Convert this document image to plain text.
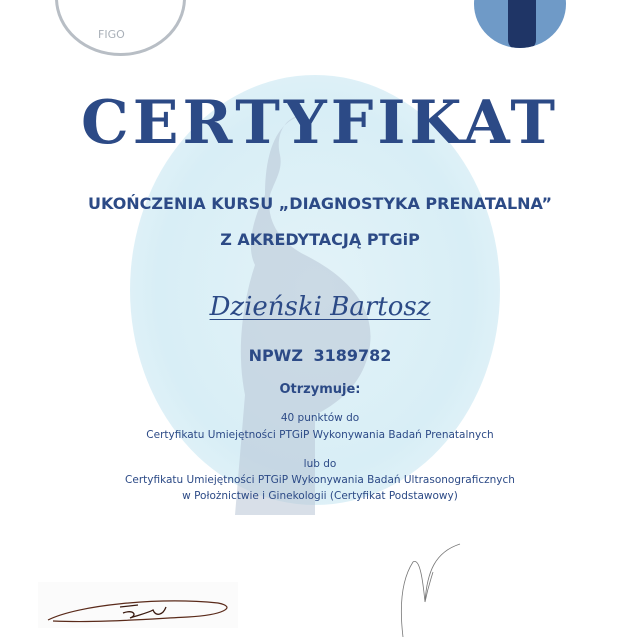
FIGO
CERTYFIKAT
UKOŃCZENIA KURSU „DIAGNOSTYKA PRENATALNA”
Z AKREDYTACJĄ PTGiP
Dzieński Bartosz
NPWZ 3189782
Otrzymuje:
40 punktów do
Certyfikatu Umiejętności PTGiP Wykonywania Badań Prenatalnych
lub do
Certyfikatu Umiejętności PTGiP Wykonywania Badań Ultrasonograficznych
w Położnictwie i Ginekologii (Certyfikat Podstawowy)
